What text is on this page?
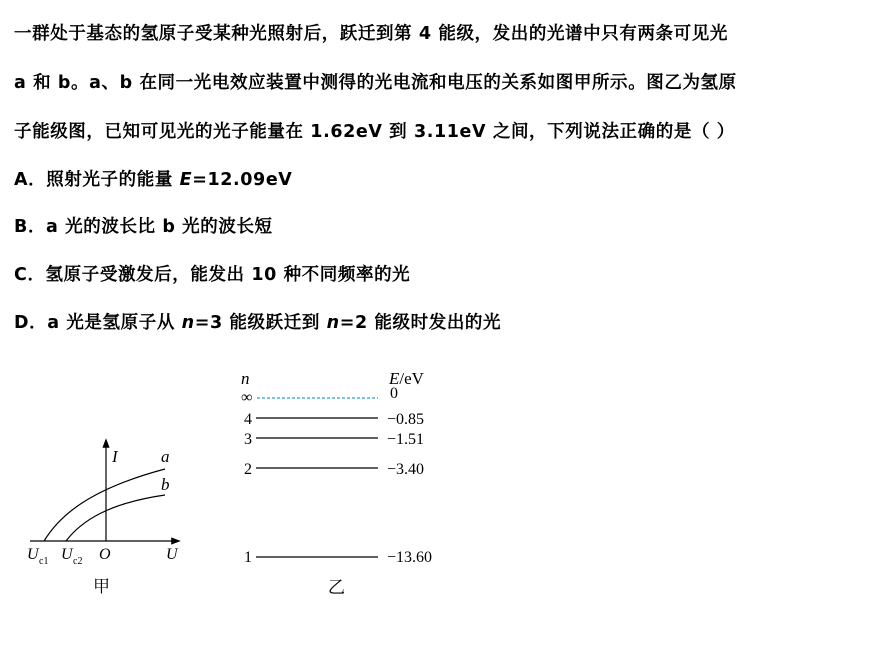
一群处于基态的氢原子受某种光照射后，跃迁到第 4 能级，发出的光谱中只有两条可见光
a 和 b。a、b 在同一光电效应装置中测得的光电流和电压的关系如图甲所示。图乙为氢原
子能级图，已知可见光的光子能量在 1.62eV 到 3.11eV 之间，下列说法正确的是（ ）
A．照射光子的能量 E=12.09eV
B．a 光的波长比 b 光的波长短
C．氢原子受激发后，能发出 10 种不同频率的光
D．a 光是氢原子从 n=3 能级跃迁到 n=2 能级时发出的光
I	a
b
O	U
U c1 U c2
甲
n	E/eV
∞	0
4	−0.85
3	−1.51
2	−3.40
1	−13.60
乙
